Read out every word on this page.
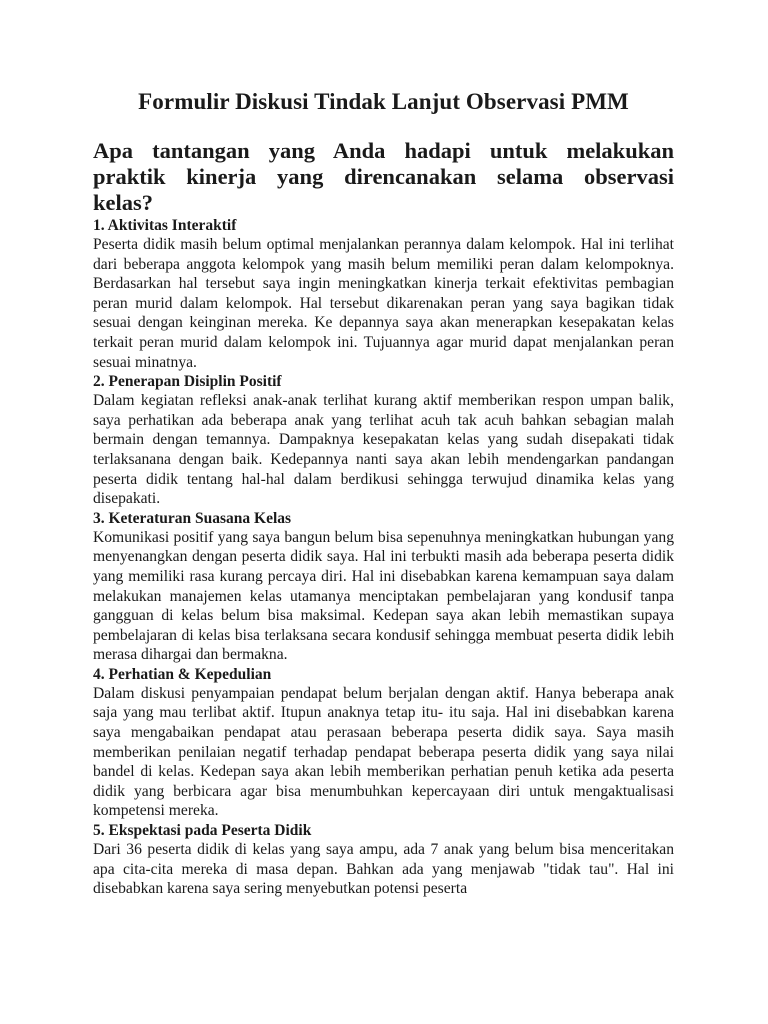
Formulir Diskusi Tindak Lanjut Observasi PMM

Apa tantangan yang Anda hadapi untuk melakukan praktik kinerja yang direncanakan selama observasi kelas?

1. Aktivitas Interaktif

Peserta didik masih belum optimal menjalankan perannya dalam kelompok. Hal ini terlihat dari beberapa anggota kelompok yang masih belum memiliki peran dalam kelompoknya. Berdasarkan hal tersebut saya ingin meningkatkan kinerja terkait efektivitas pembagian peran murid dalam kelompok. Hal tersebut dikarenakan peran yang saya bagikan tidak sesuai dengan keinginan mereka. Ke depannya saya akan menerapkan kesepakatan kelas terkait peran murid dalam kelompok ini. Tujuannya agar murid dapat menjalankan peran sesuai minatnya.

2. Penerapan Disiplin Positif

Dalam kegiatan refleksi anak-anak terlihat kurang aktif memberikan respon umpan balik, saya perhatikan ada beberapa anak yang terlihat acuh tak acuh bahkan sebagian malah bermain dengan temannya. Dampaknya kesepakatan kelas yang sudah disepakati tidak terlaksanana dengan baik. Kedepannya nanti saya akan lebih mendengarkan pandangan peserta didik tentang hal-hal dalam berdikusi sehingga terwujud dinamika kelas yang disepakati.

3. Keteraturan Suasana Kelas

Komunikasi positif yang saya bangun belum bisa sepenuhnya meningkatkan hubungan yang menyenangkan dengan peserta didik saya. Hal ini terbukti masih ada beberapa peserta didik yang memiliki rasa kurang percaya diri. Hal ini disebabkan karena kemampuan saya dalam melakukan manajemen kelas utamanya menciptakan pembelajaran yang kondusif tanpa gangguan di kelas belum bisa maksimal. Kedepan saya akan lebih memastikan supaya pembelajaran di kelas bisa terlaksana secara kondusif sehingga membuat peserta didik lebih merasa dihargai dan bermakna.

4. Perhatian & Kepedulian

Dalam diskusi penyampaian pendapat belum berjalan dengan aktif. Hanya beberapa anak saja yang mau terlibat aktif. Itupun anaknya tetap itu- itu saja. Hal ini disebabkan karena saya mengabaikan pendapat atau perasaan beberapa peserta didik saya. Saya masih memberikan penilaian negatif terhadap pendapat beberapa peserta didik yang saya nilai bandel di kelas. Kedepan saya akan lebih memberikan perhatian penuh ketika ada peserta didik yang berbicara agar bisa menumbuhkan kepercayaan diri untuk mengaktualisasi kompetensi mereka.

5. Ekspektasi pada Peserta Didik

Dari 36 peserta didik di kelas yang saya ampu, ada 7 anak yang belum bisa menceritakan apa cita-cita mereka di masa depan. Bahkan ada yang menjawab "tidak tau". Hal ini disebabkan karena saya sering menyebutkan potensi peserta
